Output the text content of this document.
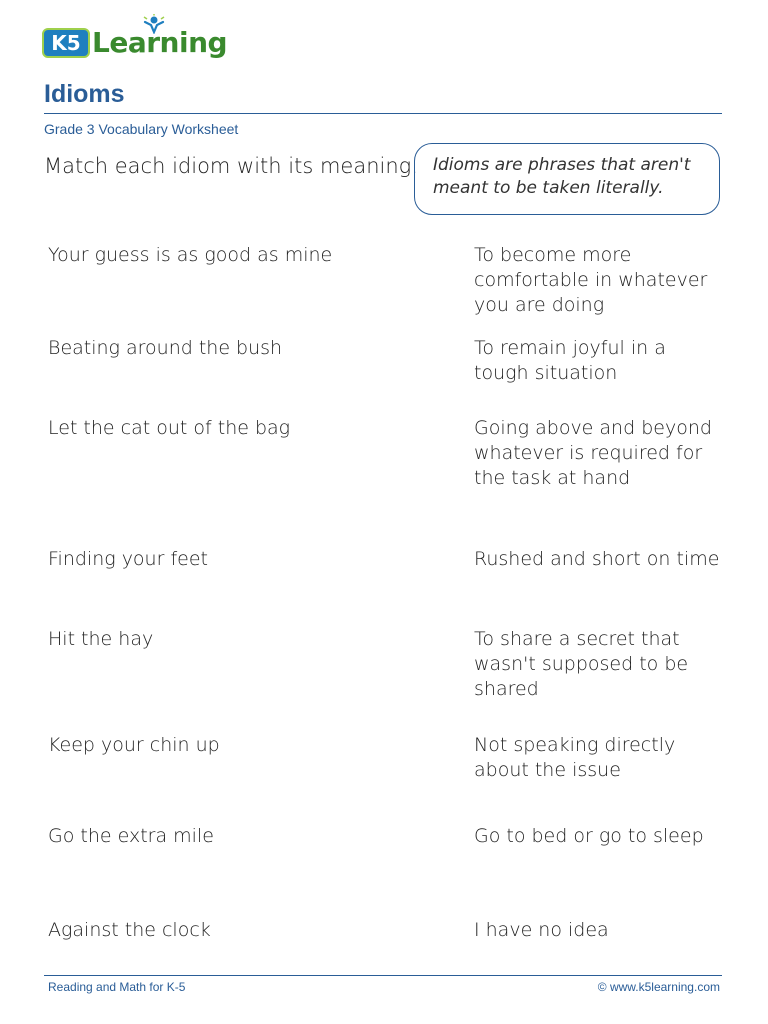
K5 Learning
Idioms
Grade 3 Vocabulary Worksheet
Match each idiom with its meaning. Idioms are phrases that aren't meant to be taken literally.
Your guess is as good as mine
Beating around the bush
Let the cat out of the bag
Finding your feet
Hit the hay
Keep your chin up
Go the extra mile
Against the clock
To become more comfortable in whatever you are doing
To remain joyful in a tough situation
Going above and beyond whatever is required for the task at hand
Rushed and short on time
To share a secret that wasn't supposed to be shared
Not speaking directly about the issue
Go to bed or go to sleep
I have no idea
Reading and Math for K-5	© www.k5learning.com
